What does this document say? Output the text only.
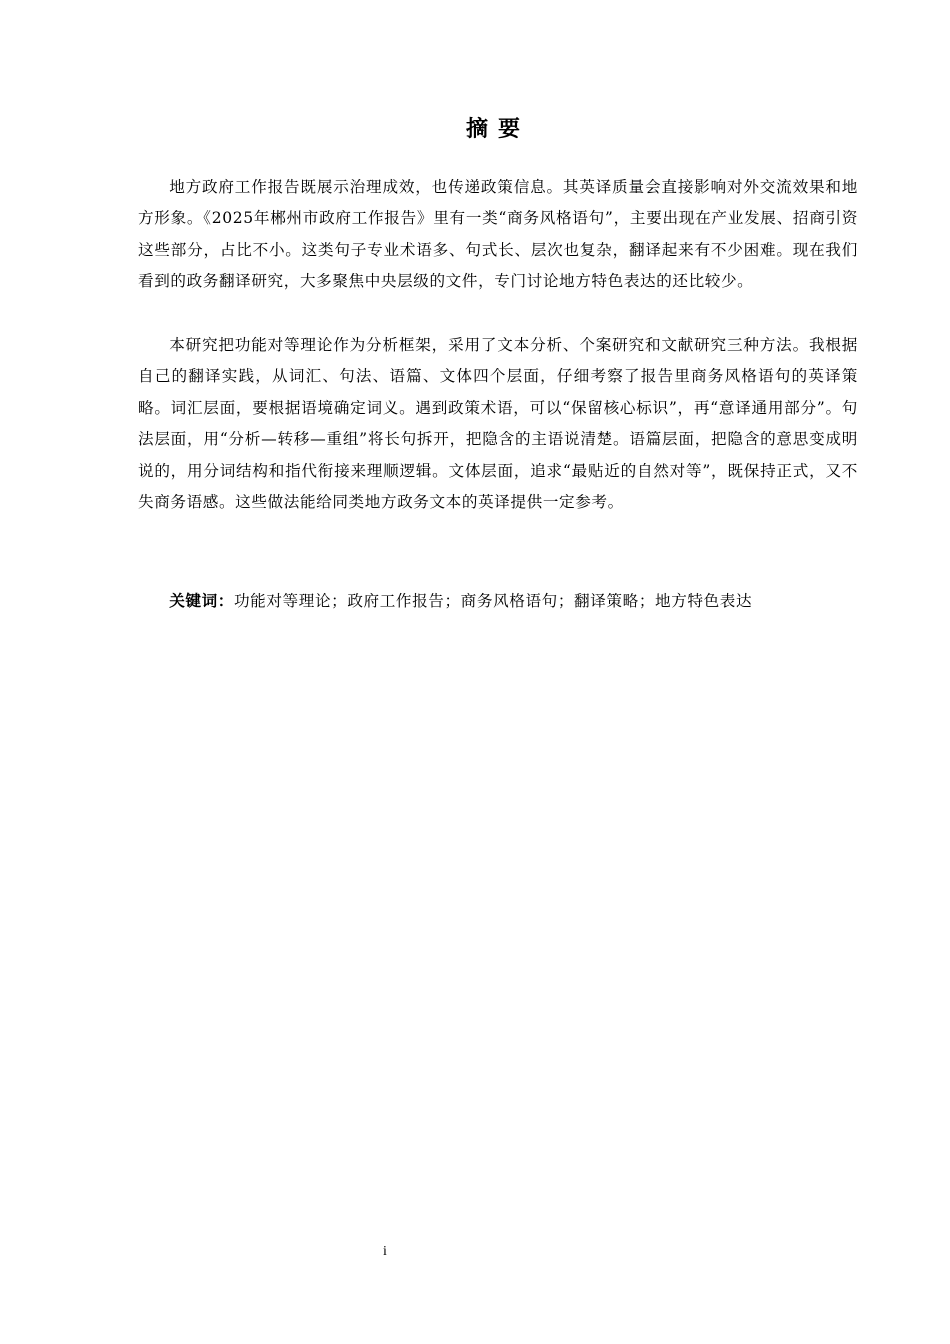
摘要

地方政府工作报告既展示治理成效，也传递政策信息。其英译质量会直接影响对外交流效果和地方形象。《2025年郴州市政府工作报告》里有一类“商务风格语句”，主要出现在产业发展、招商引资这些部分，占比不小。这类句子专业术语多、句式长、层次也复杂，翻译起来有不少困难。现在我们看到的政务翻译研究，大多聚焦中央层级的文件，专门讨论地方特色表达的还比较少。

本研究把功能对等理论作为分析框架，采用了文本分析、个案研究和文献研究三种方法。我根据自己的翻译实践，从词汇、句法、语篇、文体四个层面，仔细考察了报告里商务风格语句的英译策略。词汇层面，要根据语境确定词义。遇到政策术语，可以“保留核心标识”，再“意译通用部分”。句法层面，用“分析—转移—重组”将长句拆开，把隐含的主语说清楚。语篇层面，把隐含的意思变成明说的，用分词结构和指代衔接来理顺逻辑。文体层面，追求“最贴近的自然对等”，既保持正式，又不失商务语感。这些做法能给同类地方政务文本的英译提供一定参考。

关键词：功能对等理论；政府工作报告；商务风格语句；翻译策略；地方特色表达

i
